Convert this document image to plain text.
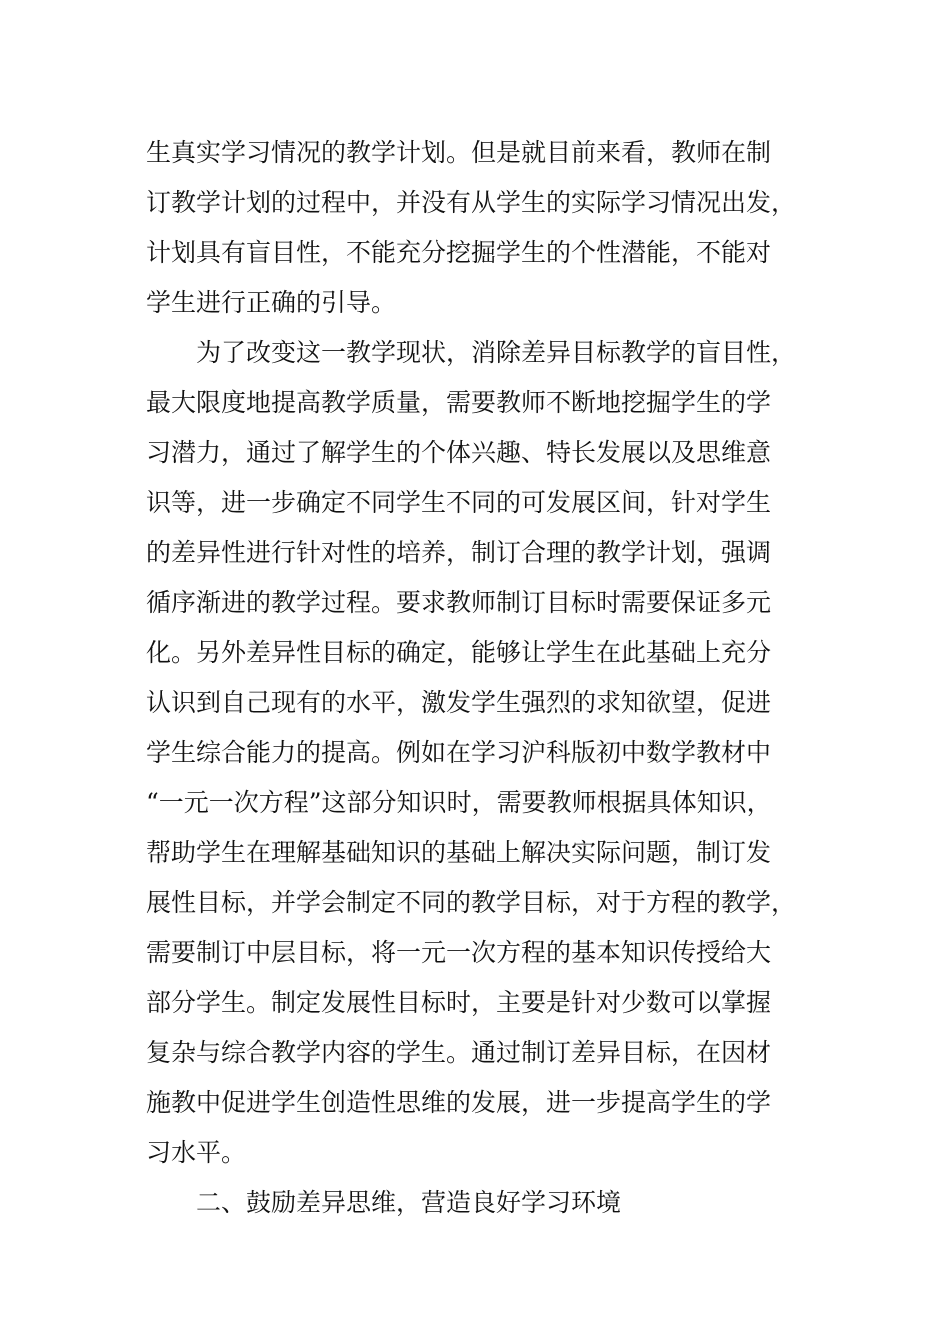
生真实学习情况的教学计划。但是就目前来看，教师在制
订教学计划的过程中，并没有从学生的实际学习情况出发，
计划具有盲目性，不能充分挖掘学生的个性潜能，不能对
学生进行正确的引导。
为了改变这一教学现状，消除差异目标教学的盲目性，
最大限度地提高教学质量，需要教师不断地挖掘学生的学
习潜力，通过了解学生的个体兴趣、特长发展以及思维意
识等，进一步确定不同学生不同的可发展区间，针对学生
的差异性进行针对性的培养，制订合理的教学计划，强调
循序渐进的教学过程。要求教师制订目标时需要保证多元
化。另外差异性目标的确定，能够让学生在此基础上充分
认识到自己现有的水平，激发学生强烈的求知欲望，促进
学生综合能力的提高。例如在学习沪科版初中数学教材中
“一元一次方程”这部分知识时，需要教师根据具体知识，
帮助学生在理解基础知识的基础上解决实际问题，制订发
展性目标，并学会制定不同的教学目标，对于方程的教学，
需要制订中层目标，将一元一次方程的基本知识传授给大
部分学生。制定发展性目标时，主要是针对少数可以掌握
复杂与综合教学内容的学生。通过制订差异目标，在因材
施教中促进学生创造性思维的发展，进一步提高学生的学
习水平。
二、鼓励差异思维，营造良好学习环境
